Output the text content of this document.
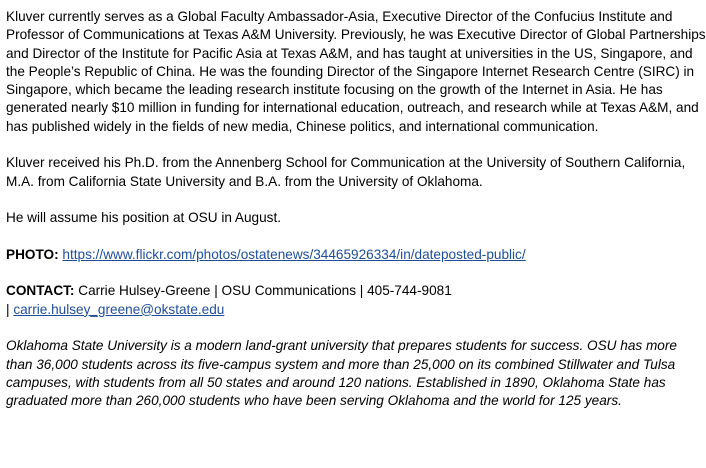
Kluver currently serves as a Global Faculty Ambassador-Asia, Executive Director of the Confucius Institute and Professor of Communications at Texas A&M University. Previously, he was Executive Director of Global Partnerships and Director of the Institute for Pacific Asia at Texas A&M, and has taught at universities in the US, Singapore, and the People’s Republic of China. He was the founding Director of the Singapore Internet Research Centre (SIRC) in Singapore, which became the leading research institute focusing on the growth of the Internet in Asia. He has generated nearly $10 million in funding for international education, outreach, and research while at Texas A&M, and has published widely in the fields of new media, Chinese politics, and international communication.

Kluver received his Ph.D. from the Annenberg School for Communication at the University of Southern California, M.A. from California State University and B.A. from the University of Oklahoma.

He will assume his position at OSU in August.

PHOTO: https://www.flickr.com/photos/ostatenews/34465926334/in/dateposted-public/

CONTACT: Carrie Hulsey-Greene | OSU Communications | 405-744-9081
| carrie.hulsey_greene@okstate.edu

Oklahoma State University is a modern land-grant university that prepares students for success. OSU has more than 36,000 students across its five-campus system and more than 25,000 on its combined Stillwater and Tulsa campuses, with students from all 50 states and around 120 nations. Established in 1890, Oklahoma State has graduated more than 260,000 students who have been serving Oklahoma and the world for 125 years.
